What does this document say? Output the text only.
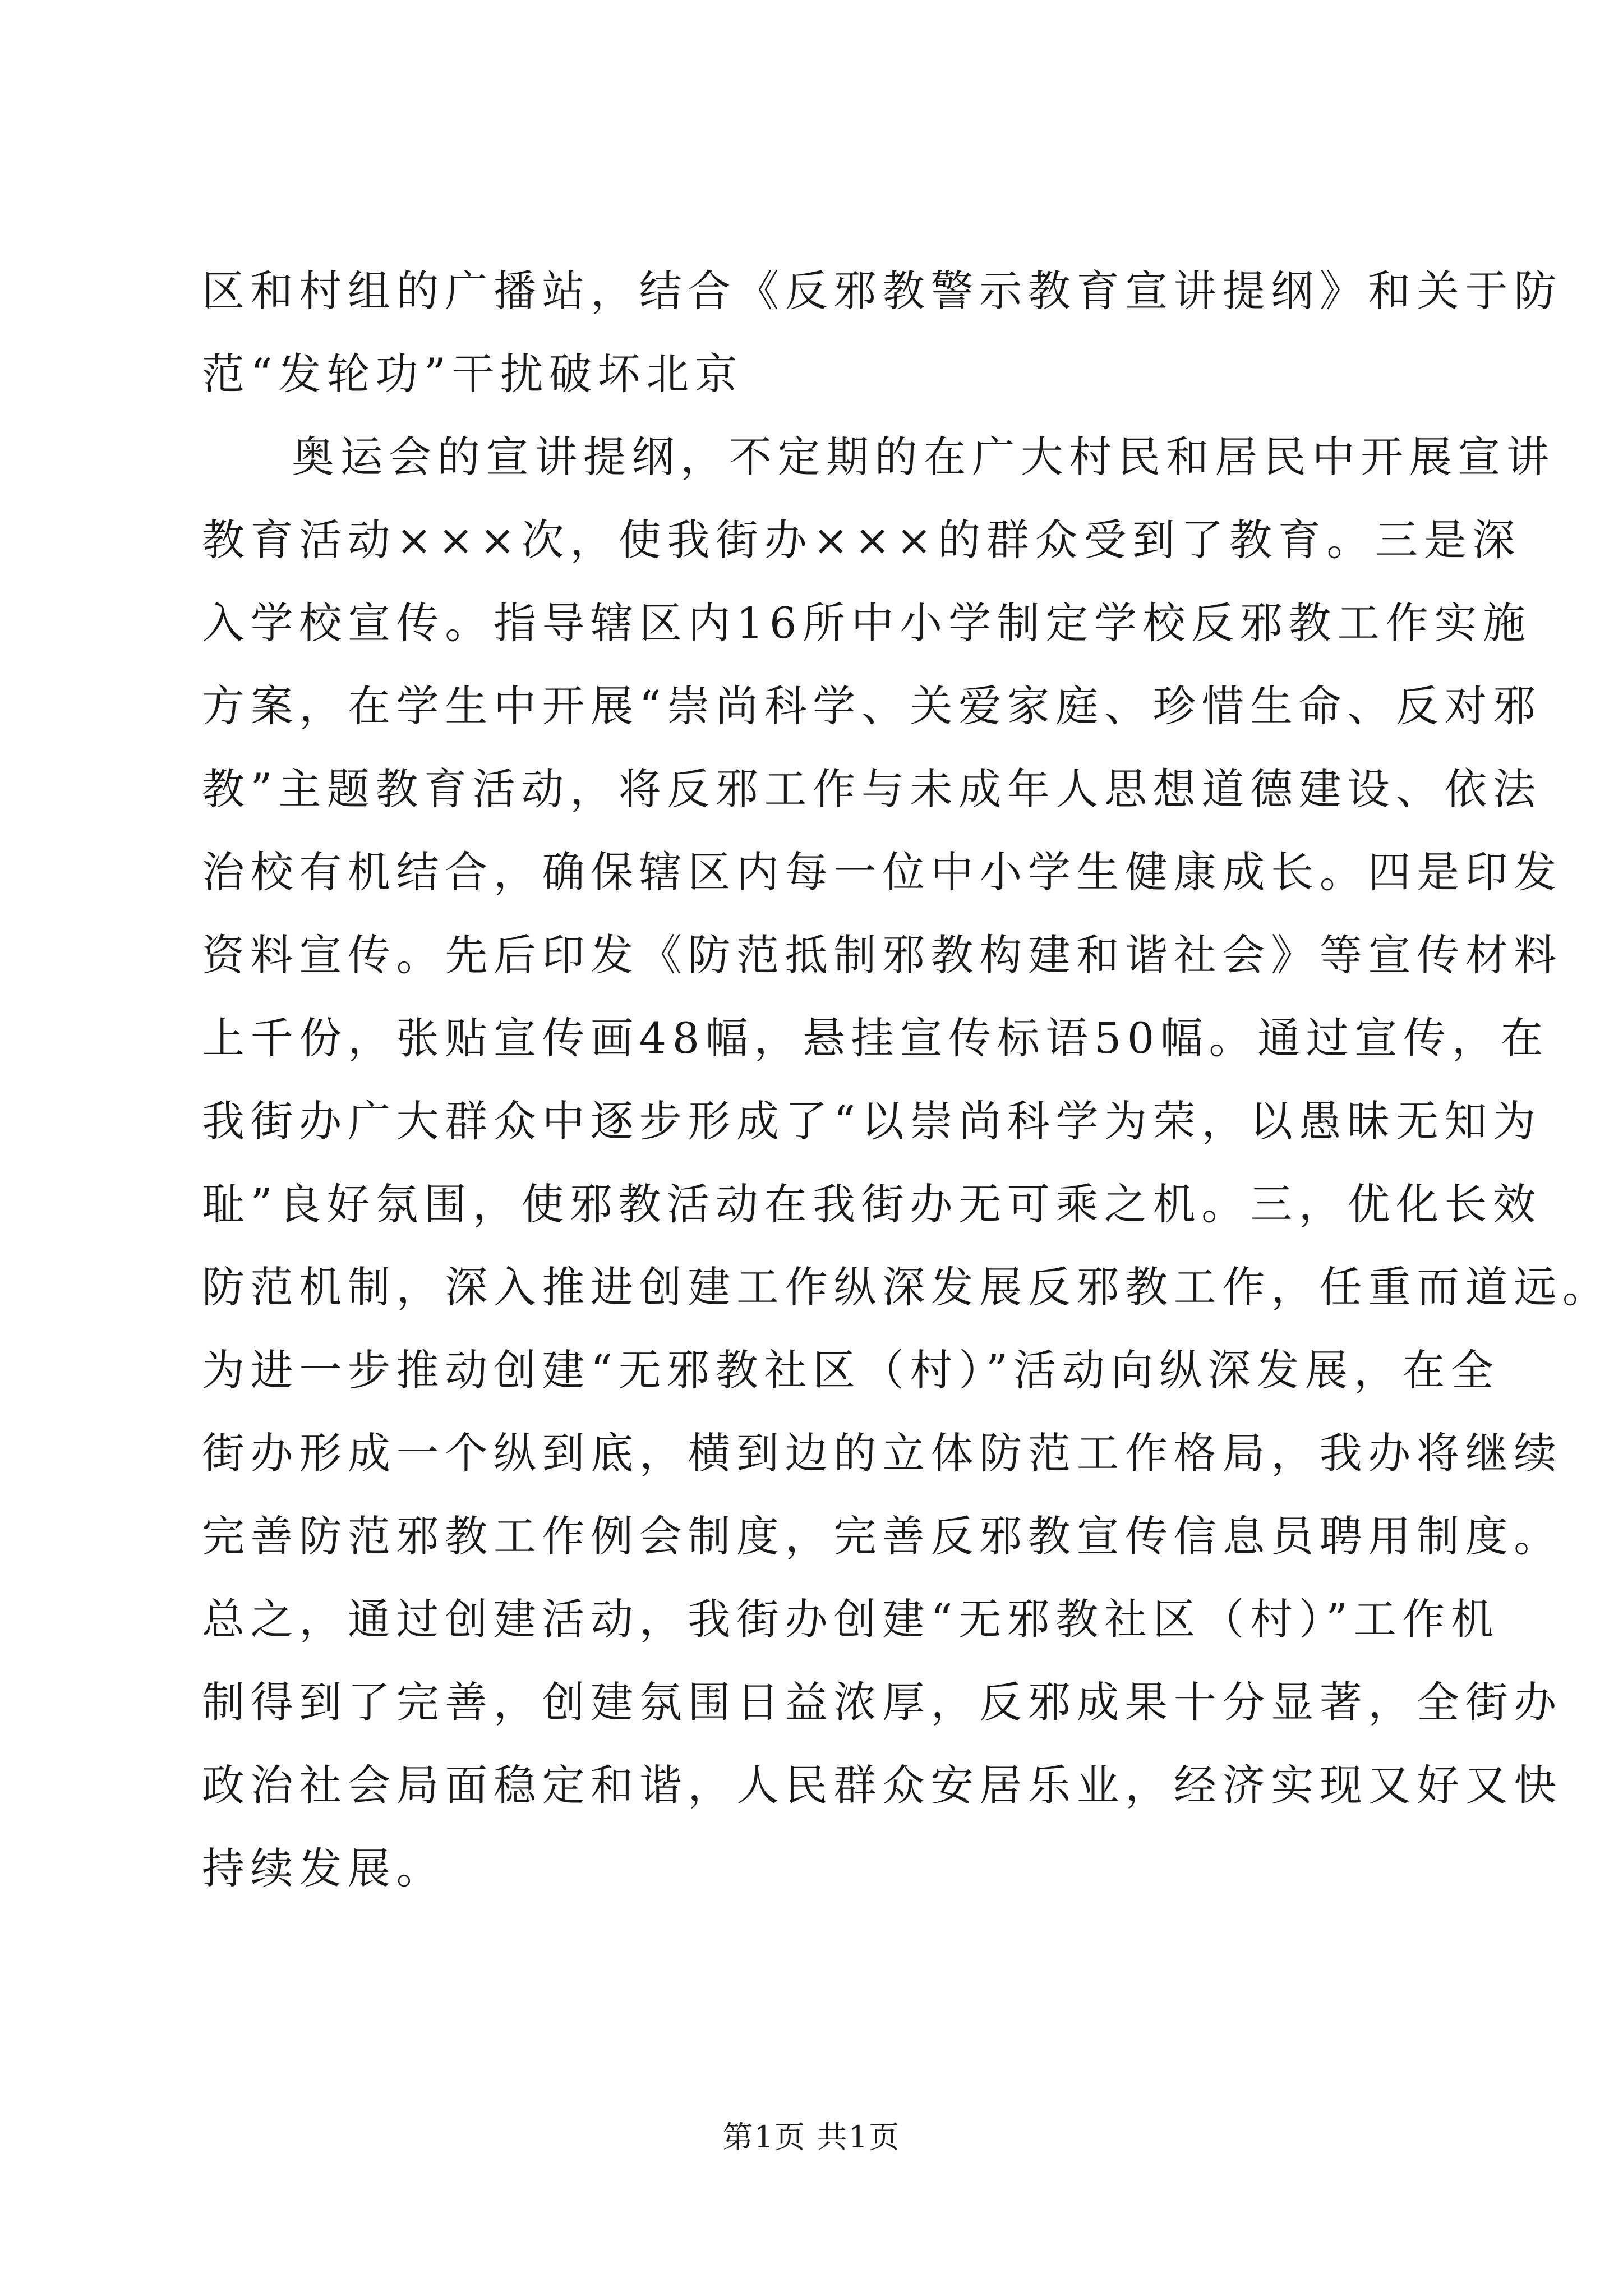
区和村组的广播站，结合《反邪教警示教育宣讲提纲》和关于防
范“发轮功”干扰破坏北京
奥运会的宣讲提纲，不定期的在广大村民和居民中开展宣讲
教育活动×××次，使我街办×××的群众受到了教育。三是深
入学校宣传。指导辖区内16所中小学制定学校反邪教工作实施
方案，在学生中开展“崇尚科学、关爱家庭、珍惜生命、反对邪
教”主题教育活动，将反邪工作与未成年人思想道德建设、依法
治校有机结合，确保辖区内每一位中小学生健康成长。四是印发
资料宣传。先后印发《防范抵制邪教构建和谐社会》等宣传材料
上千份，张贴宣传画48幅，悬挂宣传标语50幅。通过宣传，在
我街办广大群众中逐步形成了“以崇尚科学为荣，以愚昧无知为
耻”良好氛围，使邪教活动在我街办无可乘之机。三，优化长效
防范机制，深入推进创建工作纵深发展反邪教工作，任重而道远。
为进一步推动创建“无邪教社区（村）”活动向纵深发展，在全
街办形成一个纵到底，横到边的立体防范工作格局，我办将继续
完善防范邪教工作例会制度，完善反邪教宣传信息员聘用制度。
总之，通过创建活动，我街办创建“无邪教社区（村）”工作机
制得到了完善，创建氛围日益浓厚，反邪成果十分显著，全街办
政治社会局面稳定和谐，人民群众安居乐业，经济实现又好又快
持续发展。
第1页 共1页
